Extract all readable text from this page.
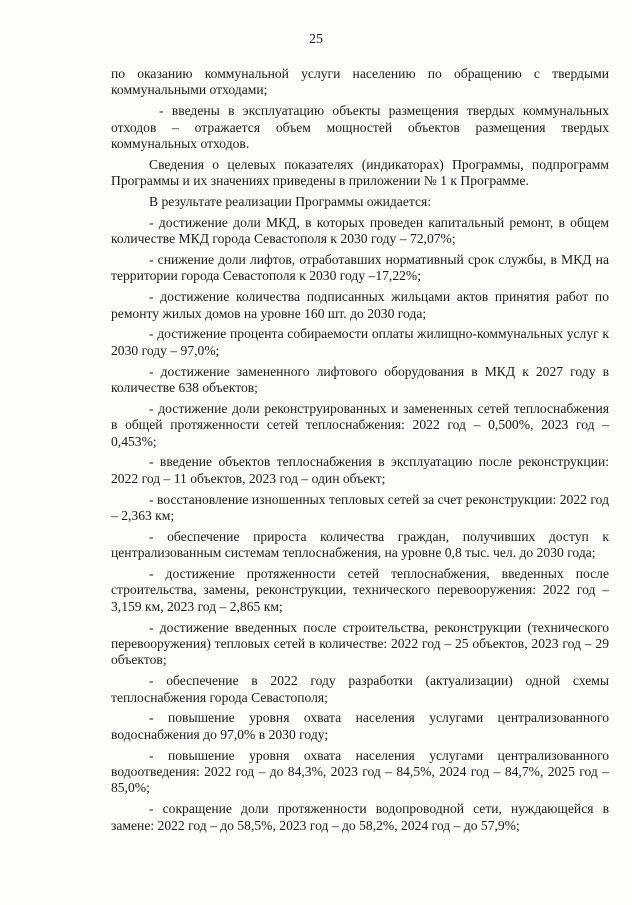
25

по оказанию коммунальной услуги населению по обращению с твердыми коммунальными отходами;

- введены в эксплуатацию объекты размещения твердых коммунальных отходов – отражается объем мощностей объектов размещения твердых коммунальных отходов.

Сведения о целевых показателях (индикаторах) Программы, подпрограмм Программы и их значениях приведены в приложении № 1 к Программе.

В результате реализации Программы ожидается:

- достижение доли МКД, в которых проведен капитальный ремонт, в общем количестве МКД города Севастополя к 2030 году – 72,07%;

- снижение доли лифтов, отработавших нормативный срок службы, в МКД на территории города Севастополя к 2030 году –17,22%;

- достижение количества подписанных жильцами актов принятия работ по ремонту жилых домов на уровне 160 шт. до 2030 года;

- достижение процента собираемости оплаты жилищно-коммунальных услуг к 2030 году – 97,0%;

- достижение замененного лифтового оборудования в МКД к 2027 году в количестве 638 объектов;

- достижение доли реконструированных и замененных сетей теплоснабжения в общей протяженности сетей теплоснабжения: 2022 год – 0,500%, 2023 год – 0,453%;

- введение объектов теплоснабжения в эксплуатацию после реконструкции: 2022 год – 11 объектов, 2023 год – один объект;

- восстановление изношенных тепловых сетей за счет реконструкции: 2022 год – 2,363 км;

- обеспечение прироста количества граждан, получивших доступ к централизованным системам теплоснабжения, на уровне 0,8 тыс. чел. до 2030 года;

- достижение протяженности сетей теплоснабжения, введенных после строительства, замены, реконструкции, технического перевооружения: 2022 год – 3,159 км, 2023 год – 2,865 км;

- достижение введенных после строительства, реконструкции (технического перевооружения) тепловых сетей в количестве: 2022 год – 25 объектов, 2023 год – 29 объектов;

- обеспечение в 2022 году разработки (актуализации) одной схемы теплоснабжения города Севастополя;

- повышение уровня охвата населения услугами централизованного водоснабжения до 97,0% в 2030 году;

- повышение уровня охвата населения услугами централизованного водоотведения: 2022 год – до 84,3%, 2023 год – 84,5%, 2024 год – 84,7%, 2025 год – 85,0%;

- сокращение доли протяженности водопроводной сети, нуждающейся в замене: 2022 год – до 58,5%, 2023 год – до 58,2%, 2024 год – до 57,9%;
